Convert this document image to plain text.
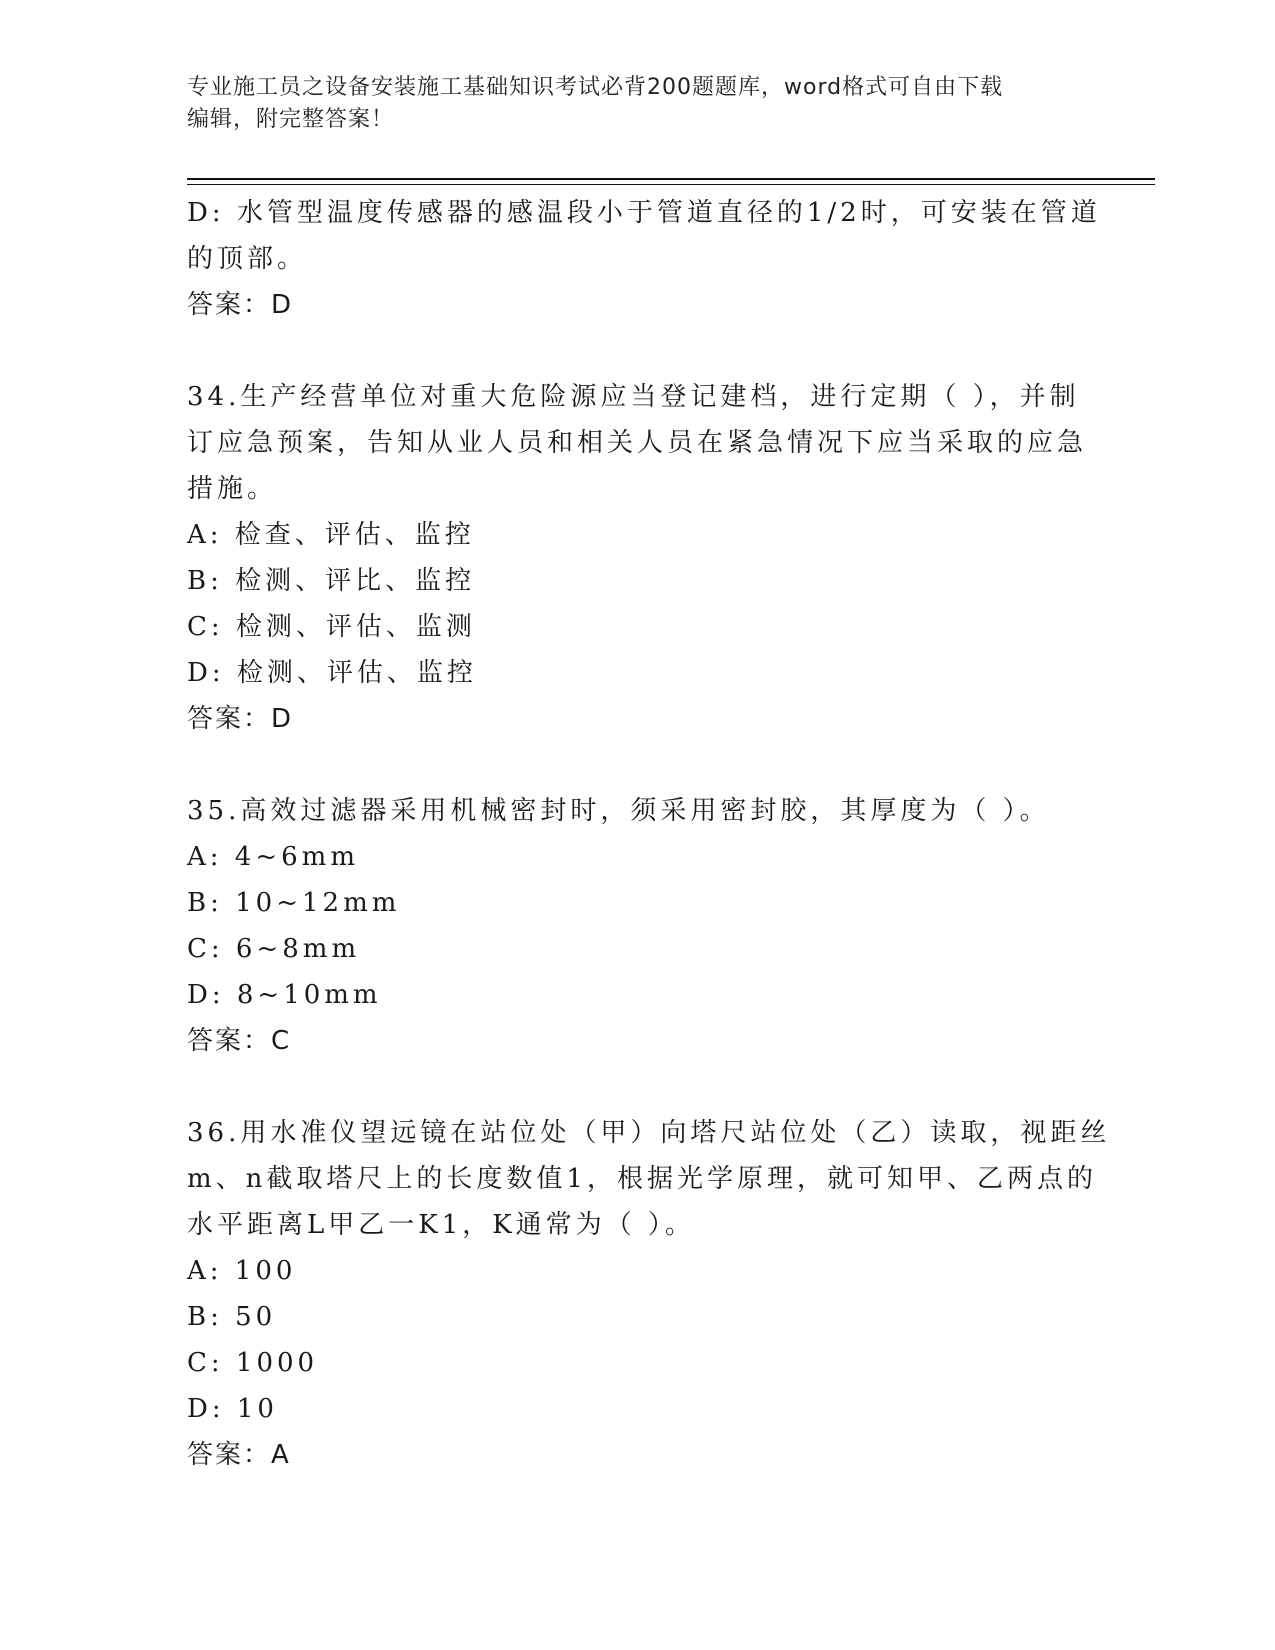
专业施工员之设备安装施工基础知识考试必背200题题库，word格式可自由下载
编辑，附完整答案！
D: 水管型温度传感器的感温段小于管道直径的1/2时，可安装在管道
的顶部。
答案：D
34.生产经营单位对重大危险源应当登记建档，进行定期（ ），并制
订应急预案，告知从业人员和相关人员在紧急情况下应当采取的应急
措施。
A: 检查、评估、监控
B: 检测、评比、监控
C: 检测、评估、监测
D: 检测、评估、监控
答案：D
35.高效过滤器采用机械密封时，须采用密封胶，其厚度为（ ）。
A: 4~6mm
B: 10~12mm
C: 6~8mm
D: 8~10mm
答案：C
36.用水准仪望远镜在站位处（甲）向塔尺站位处（乙）读取，视距丝
m、n截取塔尺上的长度数值1，根据光学原理，就可知甲、乙两点的
水平距离L甲乙一K1，K通常为（ ）。
A: 100
B: 50
C: 1000
D: 10
答案：A
